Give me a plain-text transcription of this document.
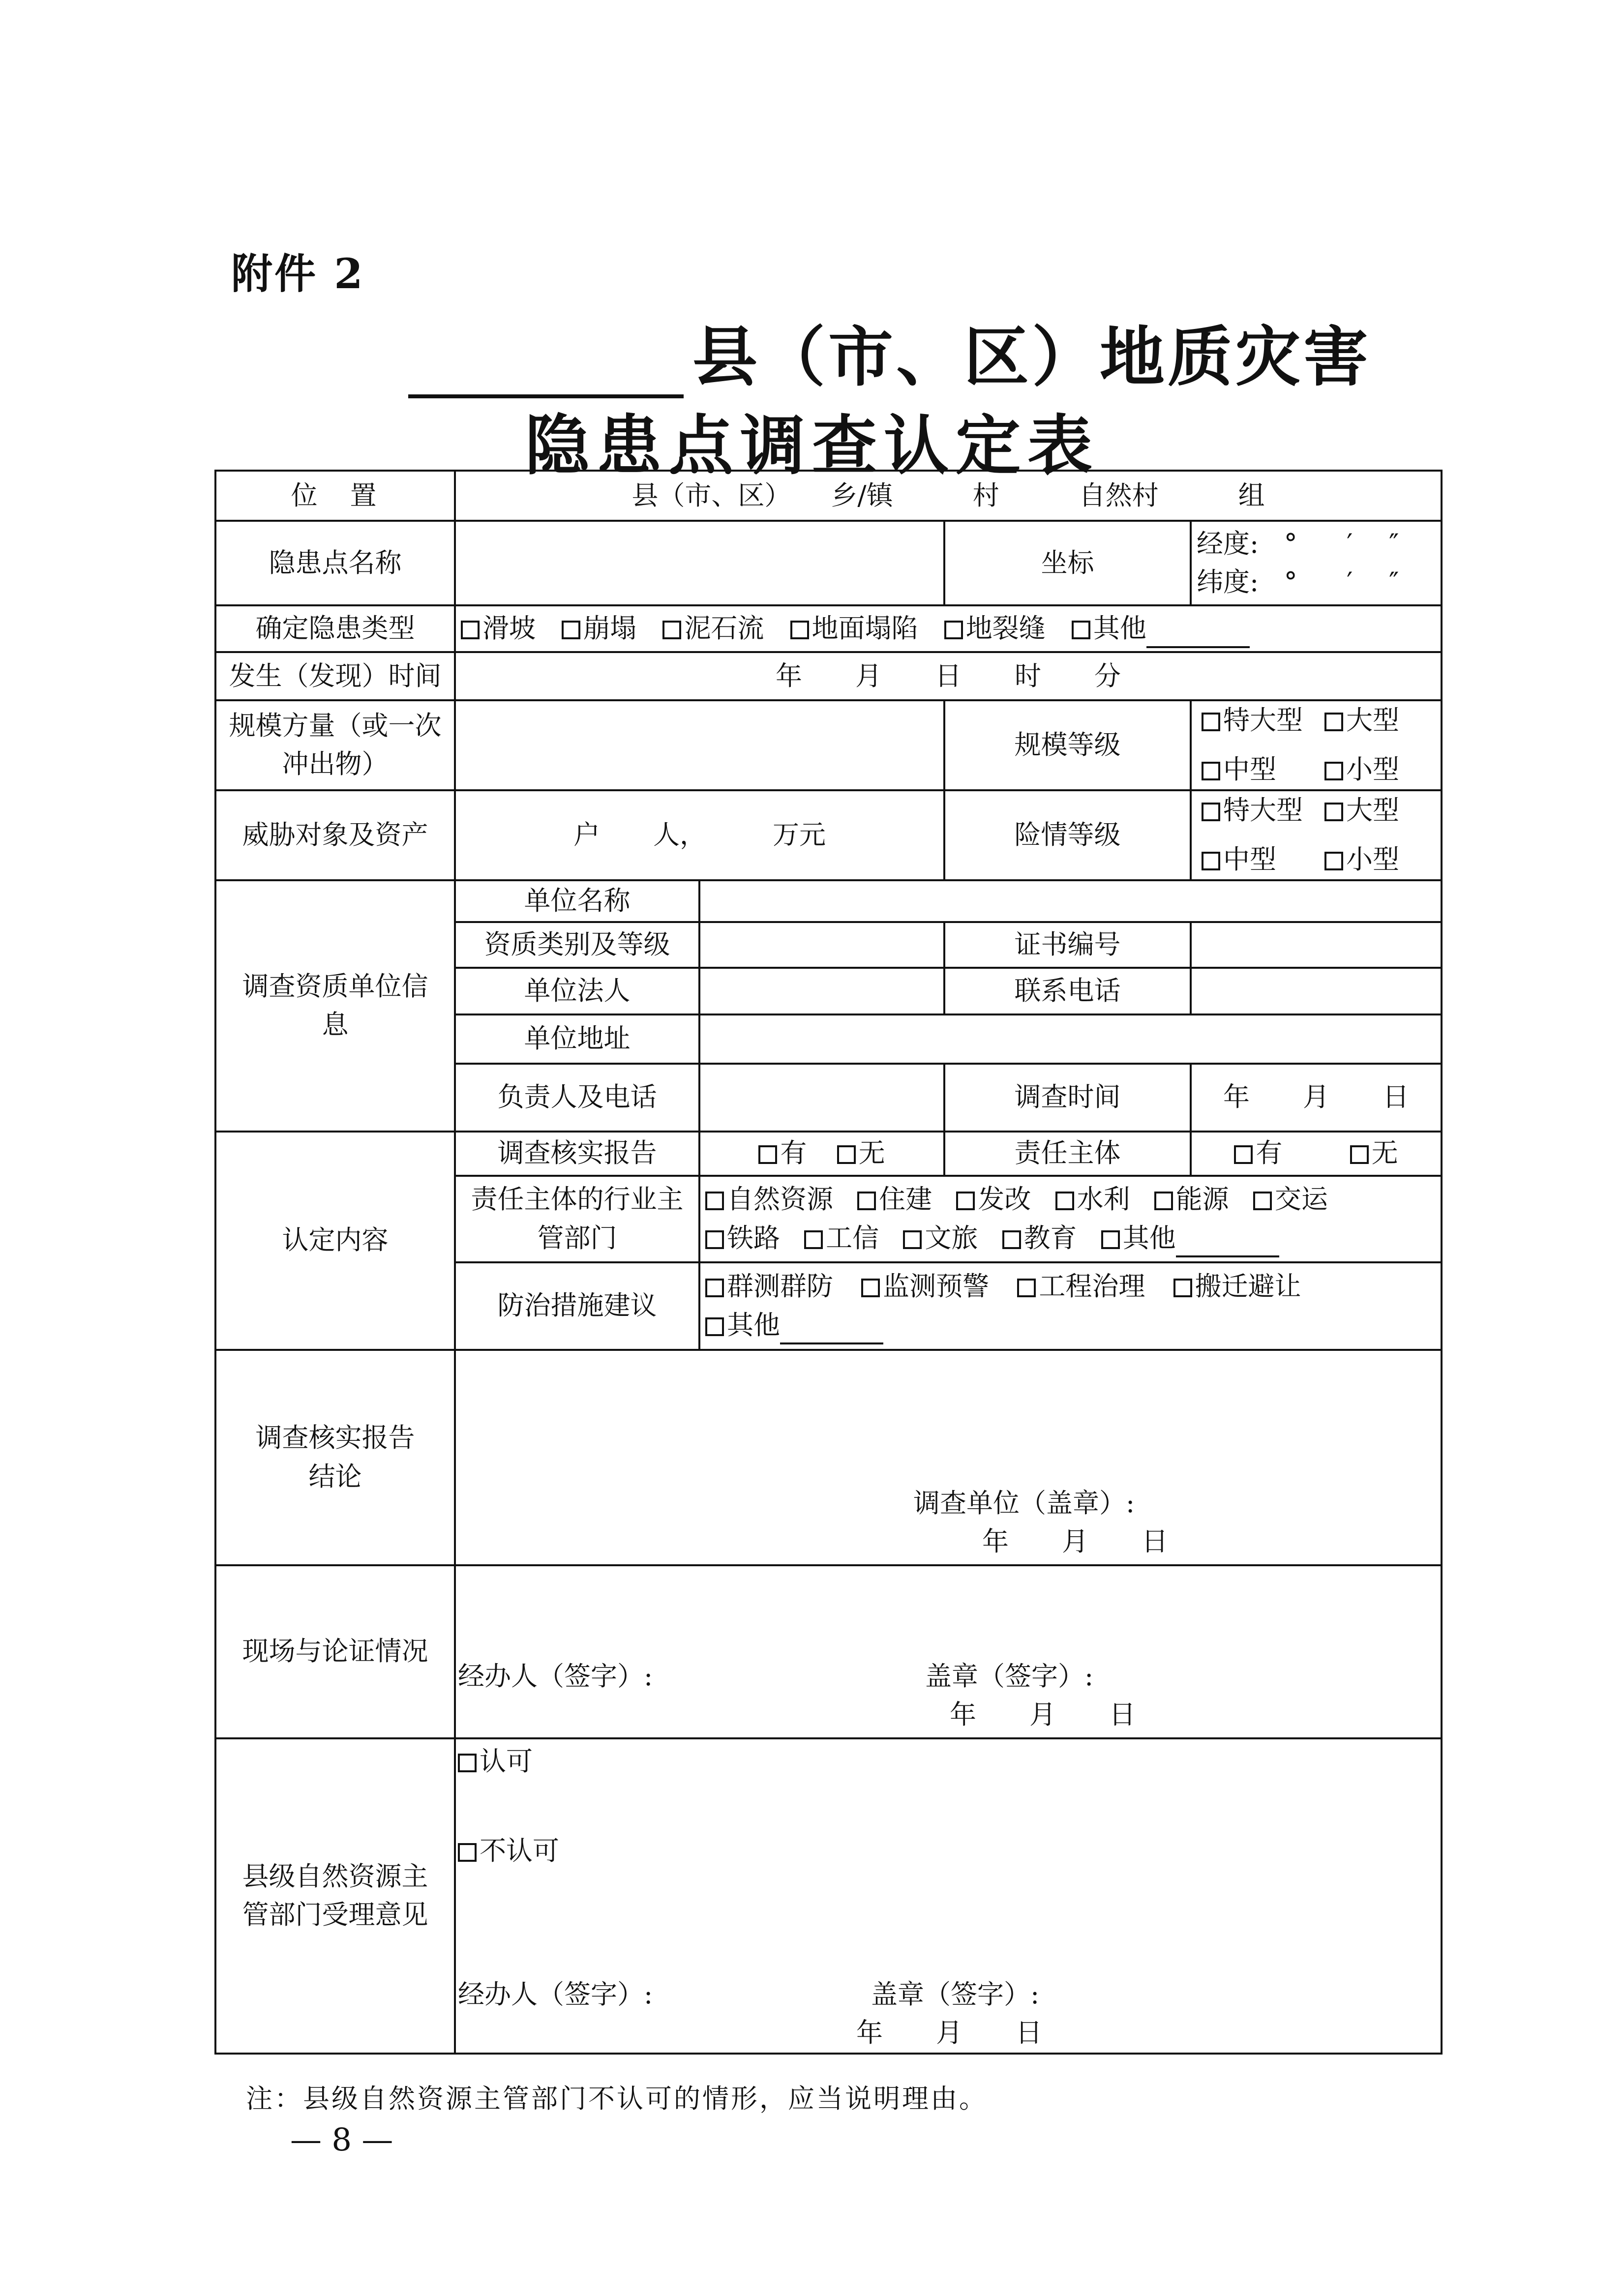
附件 2
县（市、区）地质灾害
隐患点调查认定表
位　置	县（市、区）　　乡/镇　　　村　　　自然村　　　组			
隐患点名称			坐标	经度: ° ′ ″
纬度: ° ′ ″

确定隐患类型	滑坡 崩塌 泥石流 地面塌陷 地裂缝 其他			
发生（发现）时间	年　　月　　日　　时　　分			
规模方量（或一次冲出物）			规模等级	特大型 大型
中型 小型

威胁对象及资产	户　　人，　　　万元		险情等级	特大型 大型
中型 小型

调查资质单位信息	单位名称			
	资质类别及等级		证书编号	
	单位法人		联系电话	
	单位地址			
	负责人及电话		调查时间	年　　月　　日
认定内容	调查核实报告	有 无	责任主体	有 无
	责任主体的行业主管部门	自然资源 住建 发改 水利 能源 交运
铁路 工信 文旅 教育 其他		

	防治措施建议	群测群防 监测预警 工程治理 搬迁避让
其他		

调查核实报告结论	调查单位（盖章）:
年　　月　　日			

现场与论证情况	经办人（签字）: 盖章（签字）:
年　　月　　日			

县级自然资源主管部门受理意见	认可
不认可
经办人（签字）: 盖章（签字）:
年　　月　　日			
注：县级自然资源主管部门不认可的情形，应当说明理由。
— 8 —
